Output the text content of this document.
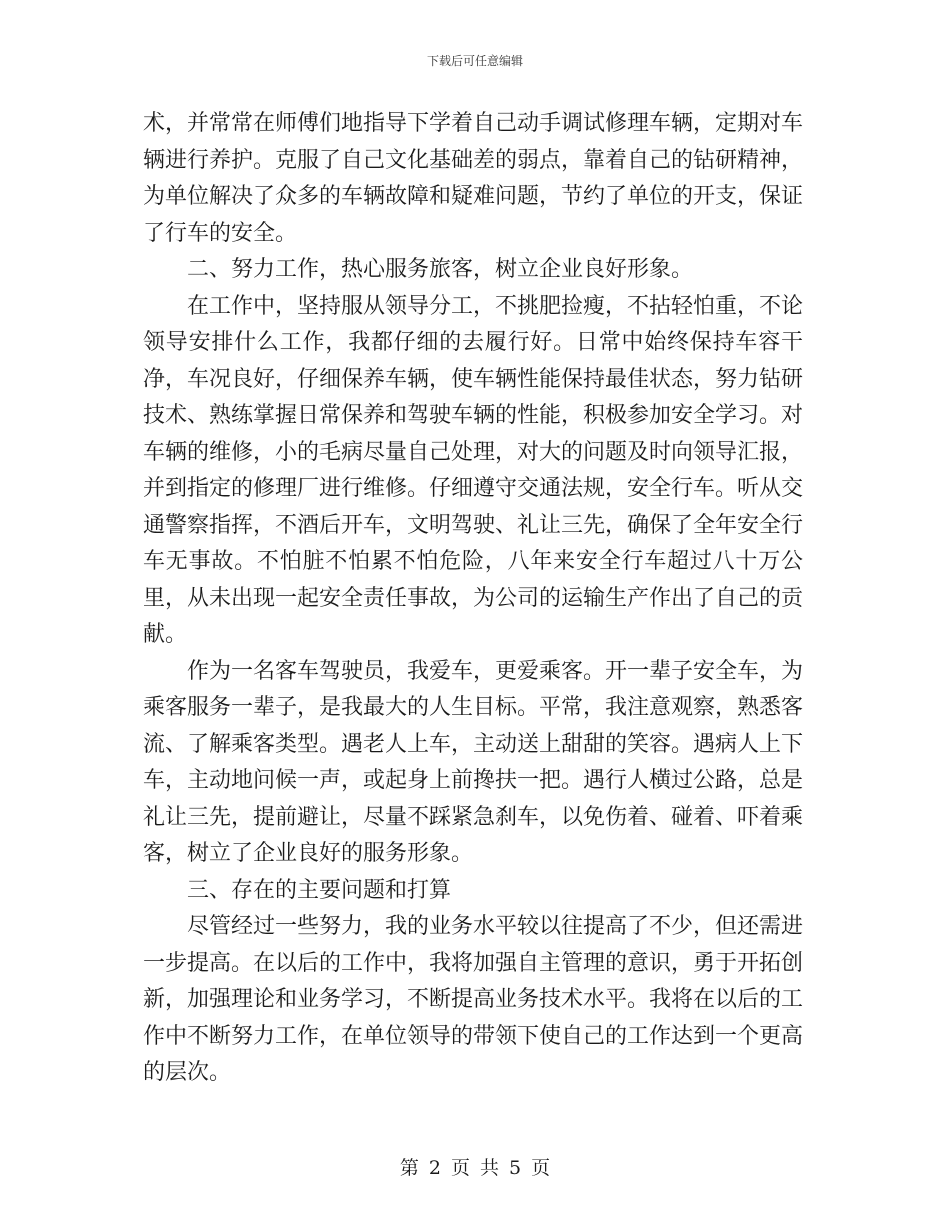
下载后可任意编辑

术，并常常在师傅们地指导下学着自己动手调试修理车辆，定期对车辆进行养护。克服了自己文化基础差的弱点，靠着自己的钻研精神，为单位解决了众多的车辆故障和疑难问题，节约了单位的开支，保证了行车的安全。

二、努力工作，热心服务旅客，树立企业良好形象。

在工作中，坚持服从领导分工，不挑肥捡瘦，不拈轻怕重，不论领导安排什么工作，我都仔细的去履行好。日常中始终保持车容干净，车况良好，仔细保养车辆，使车辆性能保持最佳状态，努力钻研技术、熟练掌握日常保养和驾驶车辆的性能，积极参加安全学习。对车辆的维修，小的毛病尽量自己处理，对大的问题及时向领导汇报，并到指定的修理厂进行维修。仔细遵守交通法规，安全行车。听从交通警察指挥，不酒后开车，文明驾驶、礼让三先，确保了全年安全行车无事故。不怕脏不怕累不怕危险，八年来安全行车超过八十万公里，从未出现一起安全责任事故，为公司的运输生产作出了自己的贡献。

作为一名客车驾驶员，我爱车，更爱乘客。开一辈子安全车，为乘客服务一辈子，是我最大的人生目标。平常，我注意观察，熟悉客流、了解乘客类型。遇老人上车，主动送上甜甜的笑容。遇病人上下车，主动地问候一声，或起身上前搀扶一把。遇行人横过公路，总是礼让三先，提前避让，尽量不踩紧急刹车，以免伤着、碰着、吓着乘客，树立了企业良好的服务形象。

三、存在的主要问题和打算

尽管经过一些努力，我的业务水平较以往提高了不少，但还需进一步提高。在以后的工作中，我将加强自主管理的意识，勇于开拓创新，加强理论和业务学习，不断提高业务技术水平。我将在以后的工作中不断努力工作，在单位领导的带领下使自己的工作达到一个更高的层次。

第 2 页 共 5 页
